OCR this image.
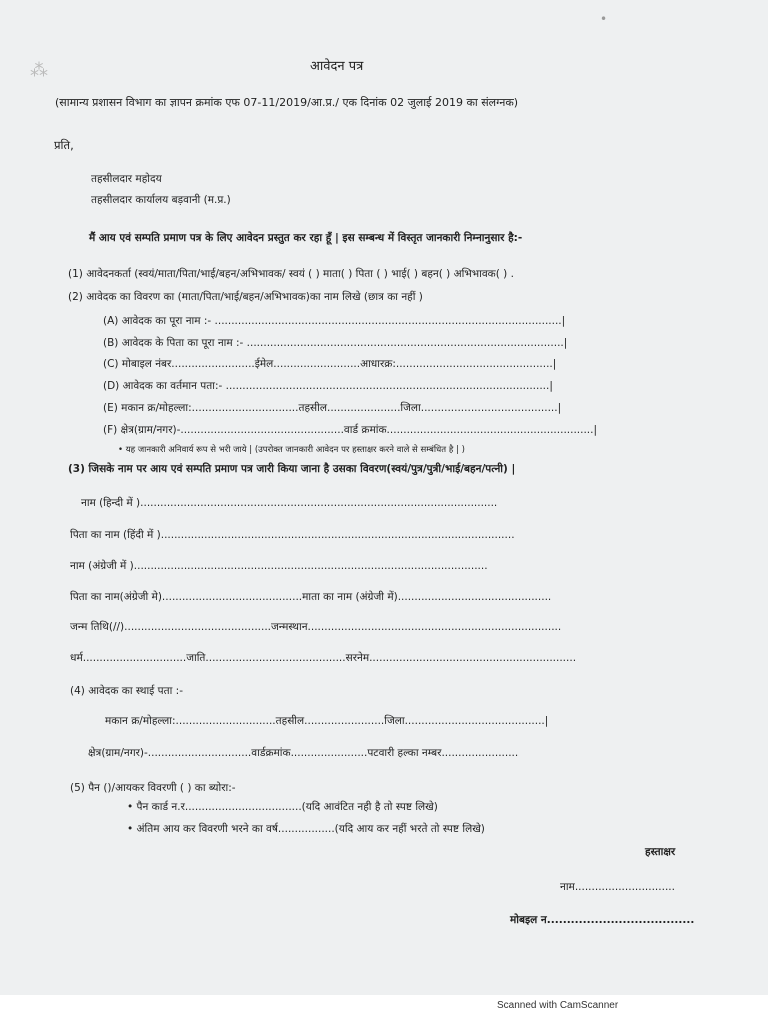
⁂
•
आवेदन पत्र
(सामान्य प्रशासन विभाग का ज्ञापन क्रमांक एफ 07-11/2019/आ.प्र./ एक दिनांक 02 जुलाई 2019 का संलग्नक)
प्रति,
तहसीलदार महोदय
तहसीलदार कार्यालय बड़वानी (म.प्र.)
मैं आय एवं सम्पति प्रमाण पत्र के लिए आवेदन प्रस्तुत कर रहा हूँ | इस सम्बन्ध में विस्तृत जानकारी निम्नानुसार है:-
(1) आवेदनकर्ता (स्वयं/माता/पिता/भाई/बहन/अभिभावक/ स्वयं ( ) माता( ) पिता ( ) भाई( ) बहन( ) अभिभावक( ) .
(2) आवेदक का विवरण का (माता/पिता/भाई/बहन/अभिभावक)का नाम लिखे (छात्र का नहीं )
(A) आवेदक का पूरा नाम :- ........................................................................................................|
(B) आवेदक के पिता का पूरा नाम :- ...............................................................................................|
(C) मोबाइल नंबर.........................ईमेल..........................आधारक्र:...............................................|
(D) आवेदक का वर्तमान पता:- .................................................................................................|
(E) मकान क्र/मोहल्ला:................................तहसील......................जिला.........................................|
(F) क्षेत्र(ग्राम/नगर)-.................................................वार्ड क्रमांक..............................................................|
• यह जानकारी अनिवार्य रूप से भरी जाये | (उपरोक्त जानकारी आवेदन पर हस्ताक्षर करने वाले से सम्बंधित है | )
(3) जिसके नाम पर आय एवं सम्पति प्रमाण पत्र जारी किया जाना है उसका विवरण(स्वयं/पुत्र/पुत्री/भाई/बहन/पत्नी) |
नाम (हिन्दी में )...........................................................................................................
पिता का नाम (हिंदी में )..........................................................................................................
नाम (अंग्रेजी में )..........................................................................................................
पिता का नाम(अंग्रेजी मे)..........................................माता का नाम (अंग्रेजी में)..............................................
जन्म तिथि(//)............................................जन्मस्थान............................................................................
धर्म...............................जाति..........................................सरनेम..............................................................
(4) आवेदक का स्थाई पता :-
मकान क्र/मोहल्ला:..............................तहसील........................जिला..........................................|
क्षेत्र(ग्राम/नगर)-...............................वार्डक्रमांक.......................पटवारी हल्का नम्बर.......................
(5) पैन ()/आयकर विवरणी ( ) का ब्योरा:-
• पैन कार्ड न.र...................................(यदि आवंटित नही है तो स्पष्ट लिखे)
• अंतिम आय कर विवरणी भरने का वर्ष.................(यदि आय कर नहीं भरते तो स्पष्ट लिखे)
हस्ताक्षर
नाम..............................
मोबइल न.....................................
Scanned with CamScanner
